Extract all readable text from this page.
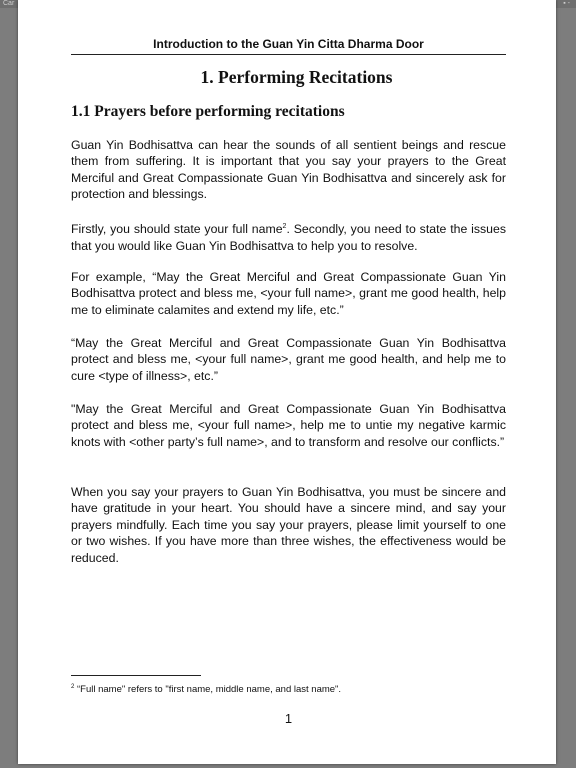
Car	▪ -
Introduction to the Guan Yin Citta Dharma Door
1. Performing Recitations
1.1 Prayers before performing recitations

Guan Yin Bodhisattva can hear the sounds of all sentient beings and rescue them from suffering. It is important that you say your prayers to the Great Merciful and Great Compassionate Guan Yin Bodhisattva and sincerely ask for protection and blessings.

Firstly, you should state your full name$^2$. Secondly, you need to state the issues that you would like Guan Yin Bodhisattva to help you to resolve.

For example, “May the Great Merciful and Great Compassionate Guan Yin Bodhisattva protect and bless me, <your full name>, grant me good health, help me to eliminate calamites and extend my life, etc.”

“May the Great Merciful and Great Compassionate Guan Yin Bodhisattva protect and bless me, <your full name>, grant me good health, and help me to cure <type of illness>, etc.”

"May the Great Merciful and Great Compassionate Guan Yin Bodhisattva protect and bless me, <your full name>, help me to untie my negative karmic knots with <other party’s full name>, and to transform and resolve our conflicts.”

When you say your prayers to Guan Yin Bodhisattva, you must be sincere and have gratitude in your heart. You should have a sincere mind, and say your prayers mindfully. Each time you say your prayers, please limit yourself to one or two wishes. If you have more than three wishes, the effectiveness would be reduced.

$^2$ “Full name" refers to "first name, middle name, and last name".
1
